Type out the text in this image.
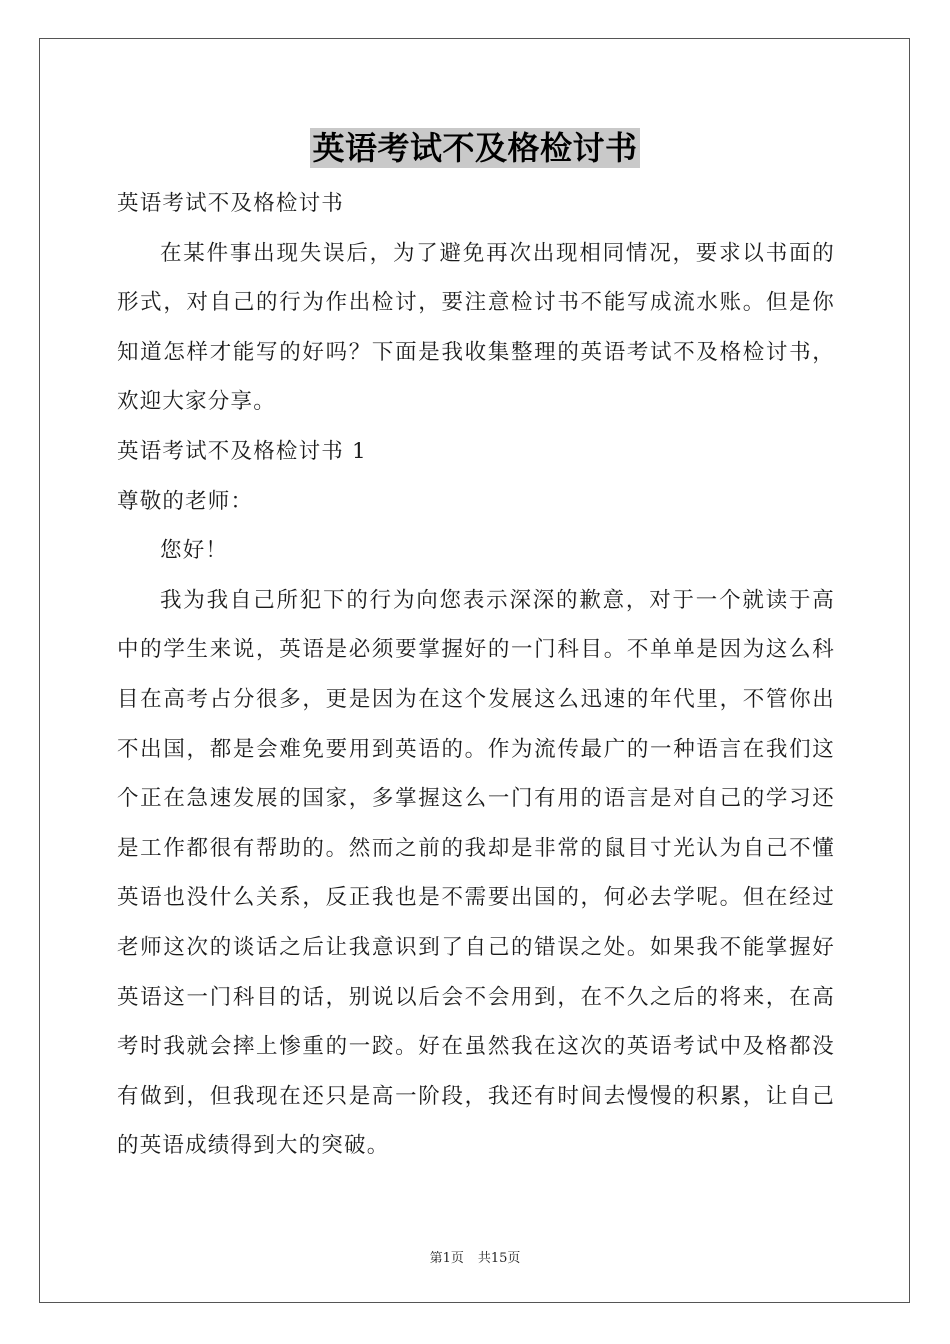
英语考试不及格检讨书

英语考试不及格检讨书

在某件事出现失误后，为了避免再次出现相同情况，要求以书面的形式，对自己的行为作出检讨，要注意检讨书不能写成流水账。但是你知道怎样才能写的好吗？下面是我收集整理的英语考试不及格检讨书，欢迎大家分享。

英语考试不及格检讨书 1

尊敬的老师：

您好！

我为我自己所犯下的行为向您表示深深的歉意，对于一个就读于高中的学生来说，英语是必须要掌握好的一门科目。不单单是因为这么科目在高考占分很多，更是因为在这个发展这么迅速的年代里，不管你出不出国，都是会难免要用到英语的。作为流传最广的一种语言在我们这个正在急速发展的国家，多掌握这么一门有用的语言是对自己的学习还是工作都很有帮助的。然而之前的我却是非常的鼠目寸光认为自己不懂英语也没什么关系，反正我也是不需要出国的，何必去学呢。但在经过老师这次的谈话之后让我意识到了自己的错误之处。如果我不能掌握好英语这一门科目的话，别说以后会不会用到，在不久之后的将来，在高考时我就会摔上惨重的一跤。好在虽然我在这次的英语考试中及格都没有做到，但我现在还只是高一阶段，我还有时间去慢慢的积累，让自己的英语成绩得到大的突破。

第1页 共15页
